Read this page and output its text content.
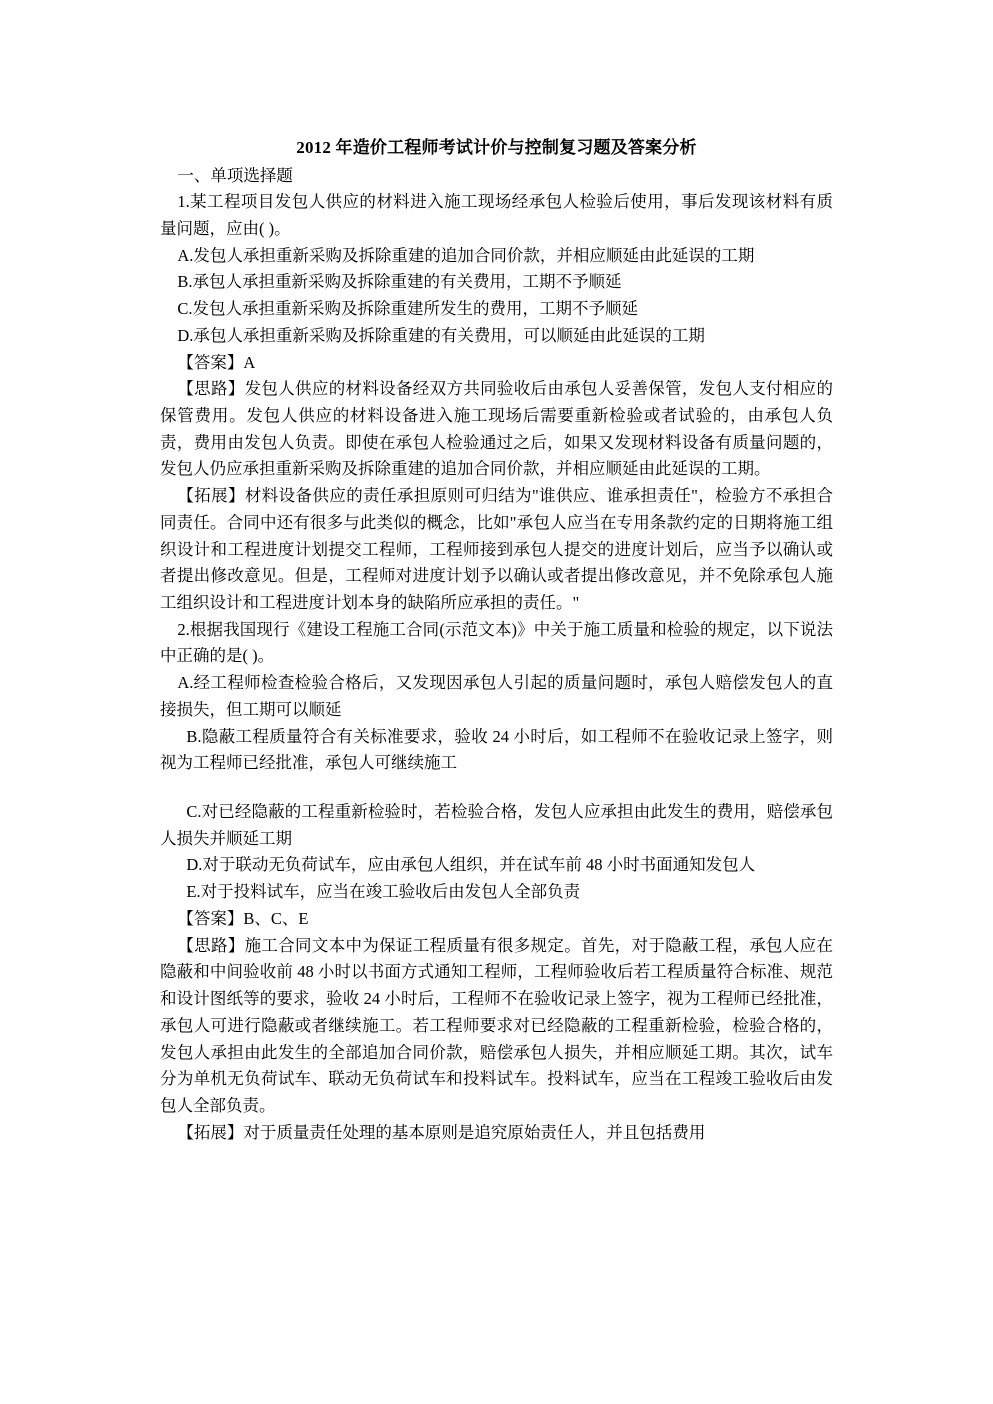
2012 年造价工程师考试计价与控制复习题及答案分析

一、单项选择题

1.某工程项目发包人供应的材料进入施工现场经承包人检验后使用，事后发现该材料有质量问题，应由( )。

A.发包人承担重新采购及拆除重建的追加合同价款，并相应顺延由此延误的工期

B.承包人承担重新采购及拆除重建的有关费用，工期不予顺延

C.发包人承担重新采购及拆除重建所发生的费用，工期不予顺延

D.承包人承担重新采购及拆除重建的有关费用，可以顺延由此延误的工期

【答案】A

【思路】发包人供应的材料设备经双方共同验收后由承包人妥善保管，发包人支付相应的保管费用。发包人供应的材料设备进入施工现场后需要重新检验或者试验的，由承包人负责，费用由发包人负责。即使在承包人检验通过之后，如果又发现材料设备有质量问题的，发包人仍应承担重新采购及拆除重建的追加合同价款，并相应顺延由此延误的工期。

【拓展】材料设备供应的责任承担原则可归结为"谁供应、谁承担责任"，检验方不承担合同责任。合同中还有很多与此类似的概念，比如"承包人应当在专用条款约定的日期将施工组织设计和工程进度计划提交工程师，工程师接到承包人提交的进度计划后，应当予以确认或者提出修改意见。但是，工程师对进度计划予以确认或者提出修改意见，并不免除承包人施工组织设计和工程进度计划本身的缺陷所应承担的责任。"

2.根据我国现行《建设工程施工合同(示范文本)》中关于施工质量和检验的规定，以下说法中正确的是( )。

A.经工程师检查检验合格后，又发现因承包人引起的质量问题时，承包人赔偿发包人的直接损失，但工期可以顺延

B.隐蔽工程质量符合有关标准要求，验收 24 小时后，如工程师不在验收记录上签字，则视为工程师已经批准，承包人可继续施工

C.对已经隐蔽的工程重新检验时，若检验合格，发包人应承担由此发生的费用，赔偿承包人损失并顺延工期

D.对于联动无负荷试车，应由承包人组织，并在试车前 48 小时书面通知发包人

E.对于投料试车，应当在竣工验收后由发包人全部负责

【答案】B、C、E

【思路】施工合同文本中为保证工程质量有很多规定。首先，对于隐蔽工程，承包人应在隐蔽和中间验收前 48 小时以书面方式通知工程师，工程师验收后若工程质量符合标准、规范和设计图纸等的要求，验收 24 小时后，工程师不在验收记录上签字，视为工程师已经批准，承包人可进行隐蔽或者继续施工。若工程师要求对已经隐蔽的工程重新检验，检验合格的，发包人承担由此发生的全部追加合同价款，赔偿承包人损失，并相应顺延工期。其次，试车分为单机无负荷试车、联动无负荷试车和投料试车。投料试车，应当在工程竣工验收后由发包人全部负责。

【拓展】对于质量责任处理的基本原则是追究原始责任人，并且包括费用
